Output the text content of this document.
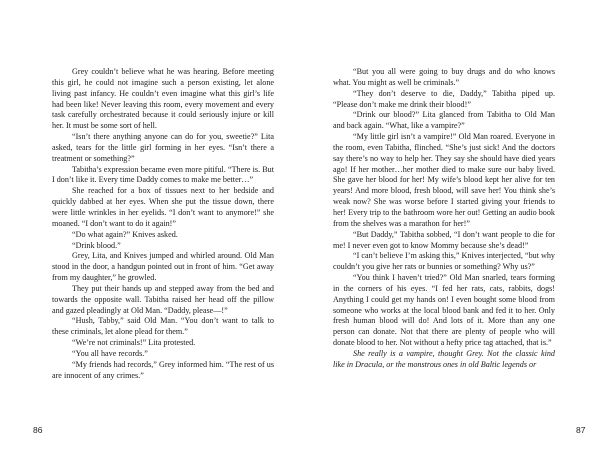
Grey couldn’t believe what he was hearing. Before meeting this girl, he could not imagine such a person existing, let alone living past infancy. He couldn’t even imagine what this girl’s life had been like! Never leaving this room, every movement and every task carefully orchestrated because it could seriously injure or kill her. It must be some sort of hell.

“Isn’t there anything anyone can do for you, sweetie?” Lita asked, tears for the little girl forming in her eyes. “Isn’t there a treatment or something?”

Tabitha’s expression became even more pitiful. “There is. But I don’t like it. Every time Daddy comes to make me better…”

She reached for a box of tissues next to her bedside and quickly dabbed at her eyes. When she put the tissue down, there were little wrinkles in her eyelids. “I don’t want to anymore!” she moaned. “I don’t want to do it again!”

“Do what again?” Knives asked.

“Drink blood.”

Grey, Lita, and Knives jumped and whirled around. Old Man stood in the door, a handgun pointed out in front of him. “Get away from my daughter,” he growled.

They put their hands up and stepped away from the bed and towards the opposite wall. Tabitha raised her head off the pillow and gazed pleadingly at Old Man. “Daddy, please—!”

“Hush, Tabby,” said Old Man. “You don’t want to talk to these criminals, let alone plead for them.”

“We’re not criminals!” Lita protested.

“You all have records.”

“My friends had records,” Grey informed him. “The rest of us are innocent of any crimes.”

86

“But you all were going to buy drugs and do who knows what. You might as well be criminals.”

“They don’t deserve to die, Daddy,” Tabitha piped up. “Please don’t make me drink their blood!”

“Drink our blood?” Lita glanced from Tabitha to Old Man and back again. “What, like a vampire?”

“My little girl isn’t a vampire!” Old Man roared. Everyone in the room, even Tabitha, flinched. “She’s just sick! And the doctors say there’s no way to help her. They say she should have died years ago! If her mother…her mother died to make sure our baby lived. She gave her blood for her! My wife’s blood kept her alive for ten years! And more blood, fresh blood, will save her! You think she’s weak now? She was worse before I started giving your friends to her! Every trip to the bathroom wore her out! Getting an audio book from the shelves was a marathon for her!”

“But Daddy,” Tabitha sobbed, “I don’t want people to die for me! I never even got to know Mommy because she’s dead!”

“I can’t believe I’m asking this,” Knives interjected, “but why couldn’t you give her rats or bunnies or something? Why us?”

“You think I haven’t tried?” Old Man snarled, tears forming in the corners of his eyes. “I fed her rats, cats, rabbits, dogs! Anything I could get my hands on! I even bought some blood from someone who works at the local blood bank and fed it to her. Only fresh human blood will do! And lots of it. More than any one person can donate. Not that there are plenty of people who will donate blood to her. Not without a hefty price tag attached, that is.”

She really is a vampire, thought Grey. Not the classic kind like in Dracula, or the monstrous ones in old Baltic legends or

87
